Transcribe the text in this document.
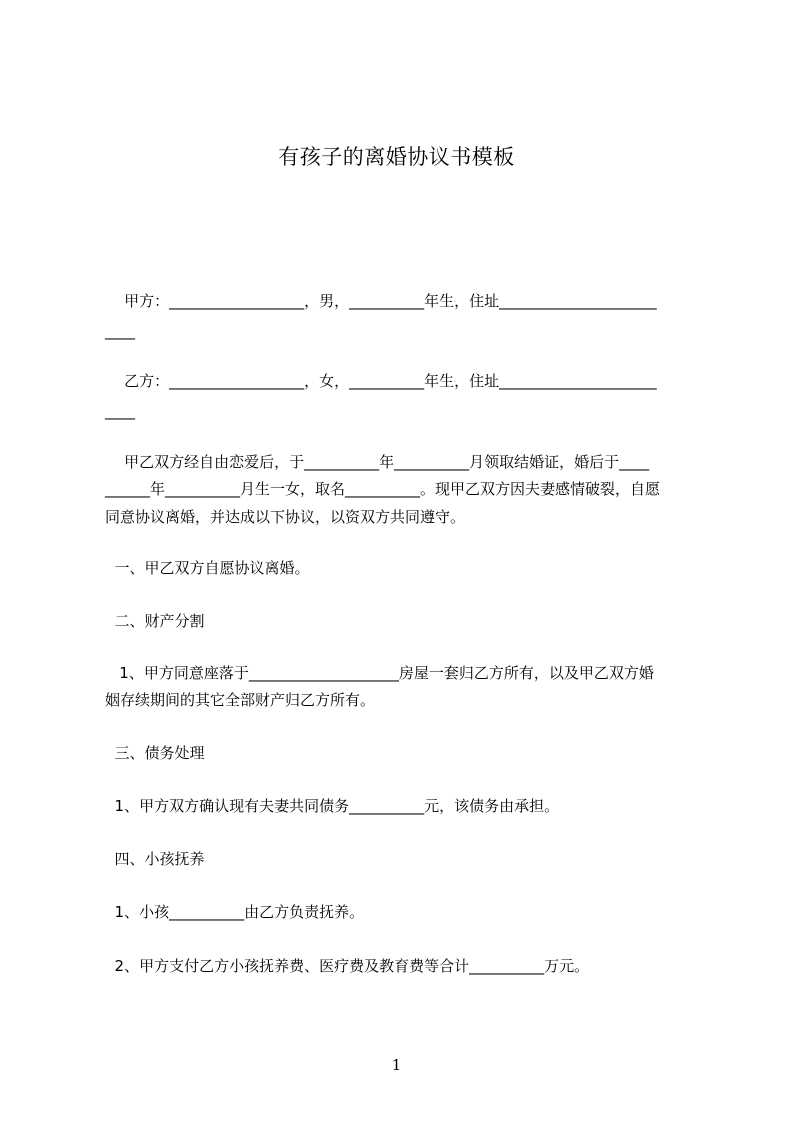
有孩子的离婚协议书模板
甲方：__________________，男，__________年生，住址_____________________
____
乙方：__________________，女，__________年生，住址_____________________
____
甲乙双方经自由恋爱后，于__________年__________月领取结婚证，婚后于____
______年__________月生一女，取名__________。现甲乙双方因夫妻感情破裂，自愿
同意协议离婚，并达成以下协议，以资双方共同遵守。
一、甲乙双方自愿协议离婚。
二、财产分割
1、甲方同意座落于____________________房屋一套归乙方所有，以及甲乙双方婚
姻存续期间的其它全部财产归乙方所有。
三、债务处理
1、甲方双方确认现有夫妻共同债务__________元，该债务由承担。
四、小孩抚养
1、小孩__________由乙方负责抚养。
2、甲方支付乙方小孩抚养费、医疗费及教育费等合计__________万元。
1
